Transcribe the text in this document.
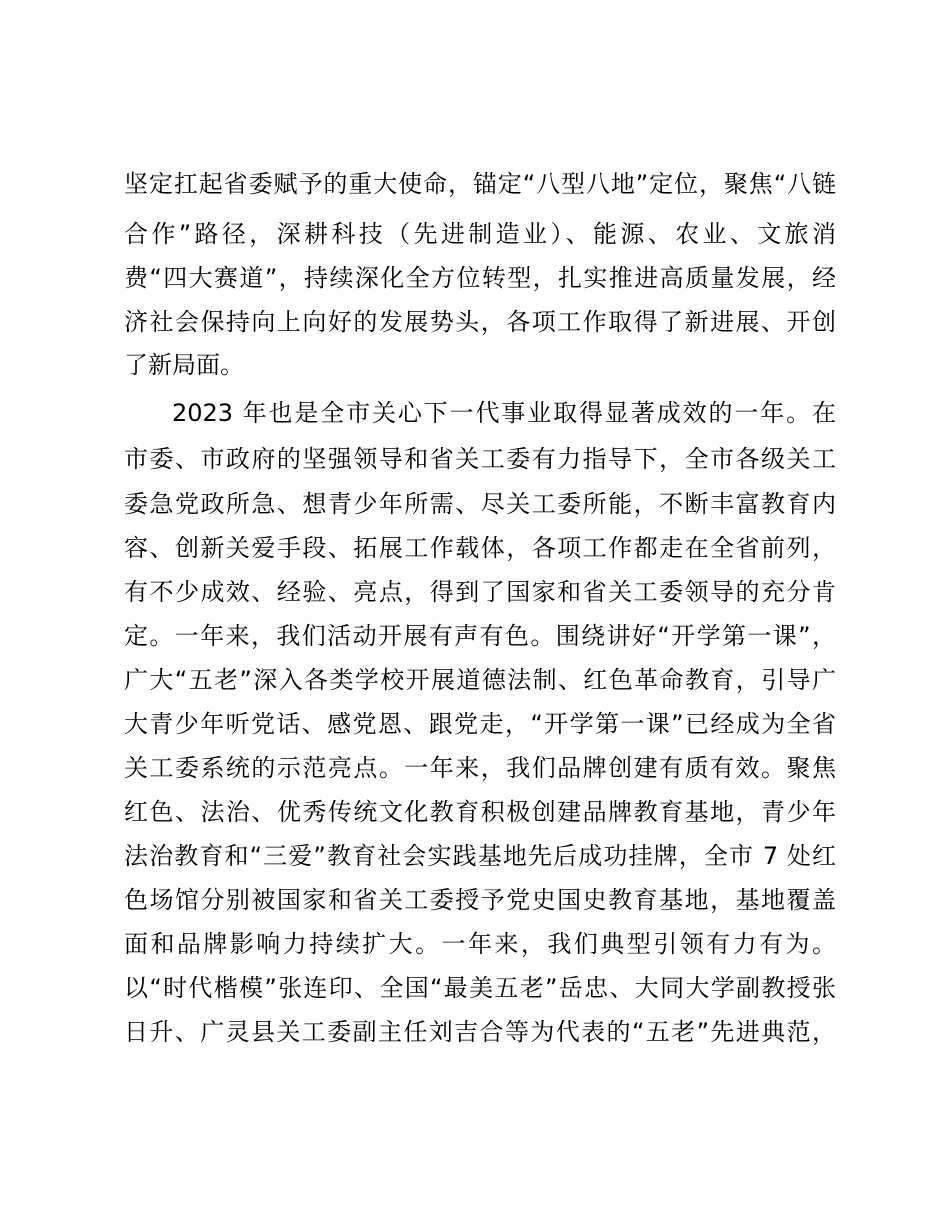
坚定扛起省委赋予的重大使命，锚定“八型八地”定位，聚焦“八链
合作”路径，深耕科技（先进制造业）、能源、农业、文旅消
费“四大赛道”，持续深化全方位转型，扎实推进高质量发展，经
济社会保持向上向好的发展势头，各项工作取得了新进展、开创
了新局面。
2023 年也是全市关心下一代事业取得显著成效的一年。在
市委、市政府的坚强领导和省关工委有力指导下，全市各级关工
委急党政所急、想青少年所需、尽关工委所能，不断丰富教育内
容、创新关爱手段、拓展工作载体，各项工作都走在全省前列，
有不少成效、经验、亮点，得到了国家和省关工委领导的充分肯
定。一年来，我们活动开展有声有色。围绕讲好“开学第一课”，
广大“五老”深入各类学校开展道德法制、红色革命教育，引导广
大青少年听党话、感党恩、跟党走，“开学第一课”已经成为全省
关工委系统的示范亮点。一年来，我们品牌创建有质有效。聚焦
红色、法治、优秀传统文化教育积极创建品牌教育基地，青少年
法治教育和“三爱”教育社会实践基地先后成功挂牌，全市 7 处红
色场馆分别被国家和省关工委授予党史国史教育基地，基地覆盖
面和品牌影响力持续扩大。一年来，我们典型引领有力有为。
以“时代楷模”张连印、全国“最美五老”岳忠、大同大学副教授张
日升、广灵县关工委副主任刘吉合等为代表的“五老”先进典范，
